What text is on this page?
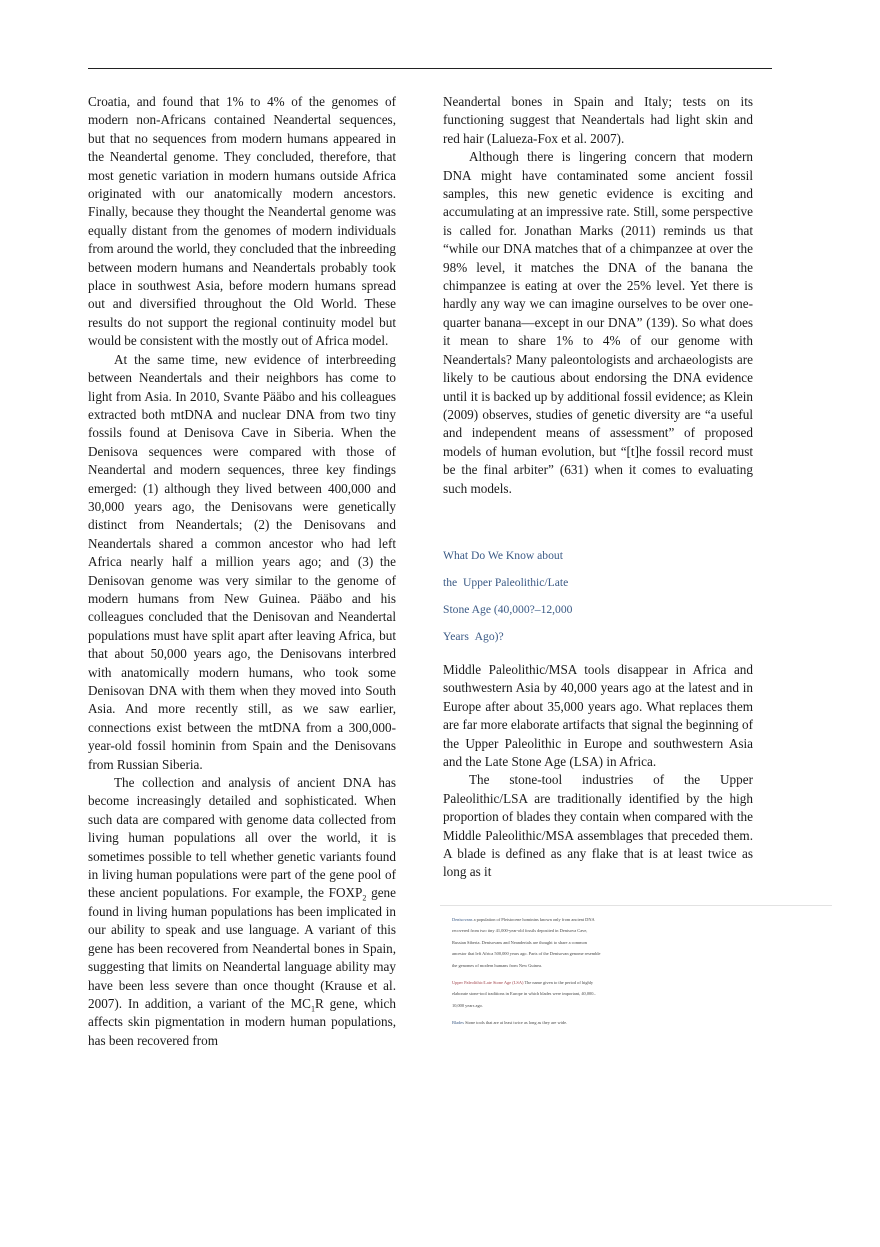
Croatia, and found that 1% to 4% of the genomes of modern non-Africans contained Neandertal sequences, but that no sequences from modern humans appeared in the Neandertal genome. They concluded, therefore, that most genetic variation in modern humans outside Africa originated with our anatomically modern ancestors. Finally, because they thought the Neandertal genome was equally distant from the genomes of modern individuals from around the world, they concluded that the inbreeding between modern humans and Neandertals probably took place in southwest Asia, before modern humans spread out and diversified throughout the Old World. These results do not support the regional continuity model but would be consistent with the mostly out of Africa model.

At the same time, new evidence of interbreeding between Neandertals and their neighbors has come to light from Asia. In 2010, Svante Pääbo and his colleagues extracted both mtDNA and nuclear DNA from two tiny fossils found at Denisova Cave in Siberia. When the Denisova sequences were compared with those of Neandertal and modern sequences, three key findings emerged: (1) although they lived between 400,000 and 30,000 years ago, the Denisovans were genetically distinct from Neandertals; (2) the Denisovans and Neandertals shared a common ancestor who had left Africa nearly half a million years ago; and (3) the Denisovan genome was very similar to the genome of modern humans from New Guinea. Pääbo and his colleagues concluded that the Denisovan and Neandertal populations must have split apart after leaving Africa, but that about 50,000 years ago, the Denisovans interbred with anatomically modern humans, who took some Denisovan DNA with them when they moved into South Asia. And more recently still, as we saw earlier, connections exist between the mtDNA from a 300,000-year-old fossil hominin from Spain and the Denisovans from Russian Siberia.

The collection and analysis of ancient DNA has become increasingly detailed and sophisticated. When such data are compared with genome data collected from living human populations all over the world, it is sometimes possible to tell whether genetic variants found in living human populations were part of the gene pool of these ancient populations. For example, the $FOXP_2$ gene found in living human populations has been implicated in our ability to speak and use language. A variant of this gene has been recovered from Neandertal bones in Spain, suggesting that limits on Neandertal language ability may have been less severe than once thought (Krause et al. 2007). In addition, a variant of the $MC_1R$ gene, which affects skin pigmentation in modern human populations, has been recovered from

Neandertal bones in Spain and Italy; tests on its functioning suggest that Neandertals had light skin and red hair (Lalueza-Fox et al. 2007).

Although there is lingering concern that modern DNA might have contaminated some ancient fossil samples, this new genetic evidence is exciting and accumulating at an impressive rate. Still, some perspective is called for. Jonathan Marks (2011) reminds us that “while our DNA matches that of a chimpanzee at over the 98% level, it matches the DNA of the banana the chimpanzee is eating at over the 25% level. Yet there is hardly any way we can imagine ourselves to be over one-quarter banana—except in our DNA” (139). So what does it mean to share 1% to 4% of our genome with Neandertals? Many paleontologists and archaeologists are likely to be cautious about endorsing the DNA evidence until it is backed up by additional fossil evidence; as Klein (2009) observes, studies of genetic diversity are “a useful and independent means of assessment” of proposed models of human evolution, but “[t]he fossil record must be the final arbiter” (631) when it comes to evaluating such models.

What Do We Know about
the Upper Paleolithic/Late
Stone Age (40,000?–12,000
Years Ago)?

Middle Paleolithic/MSA tools disappear in Africa and southwestern Asia by 40,000 years ago at the latest and in Europe after about 35,000 years ago. What replaces them are far more elaborate artifacts that signal the beginning of the Upper Paleolithic in Europe and southwestern Asia and the Late Stone Age (LSA) in Africa.

The stone-tool industries of the Upper Paleolithic/LSA are traditionally identified by the high proportion of blades they contain when compared with the Middle Paleolithic/MSA assemblages that preceded them. A blade is defined as any flake that is at least twice as long as it

Denisovans a population of Pleistocene hominins known only from ancient DNA recovered from two tiny 41,000-year-old fossils deposited in Denisova Cave, Russian Siberia. Denisovans and Neandertals are thought to share a common ancestor that left Africa 500,000 years ago. Parts of the Denisovan genome resemble the genomes of modern humans from New Guinea.

Upper Paleolithic/Late Stone Age (LSA) The name given to the period of highly elaborate stone-tool traditions in Europe in which blades were important, 40,000–10,000 years ago.

Blades Stone tools that are at least twice as long as they are wide.
